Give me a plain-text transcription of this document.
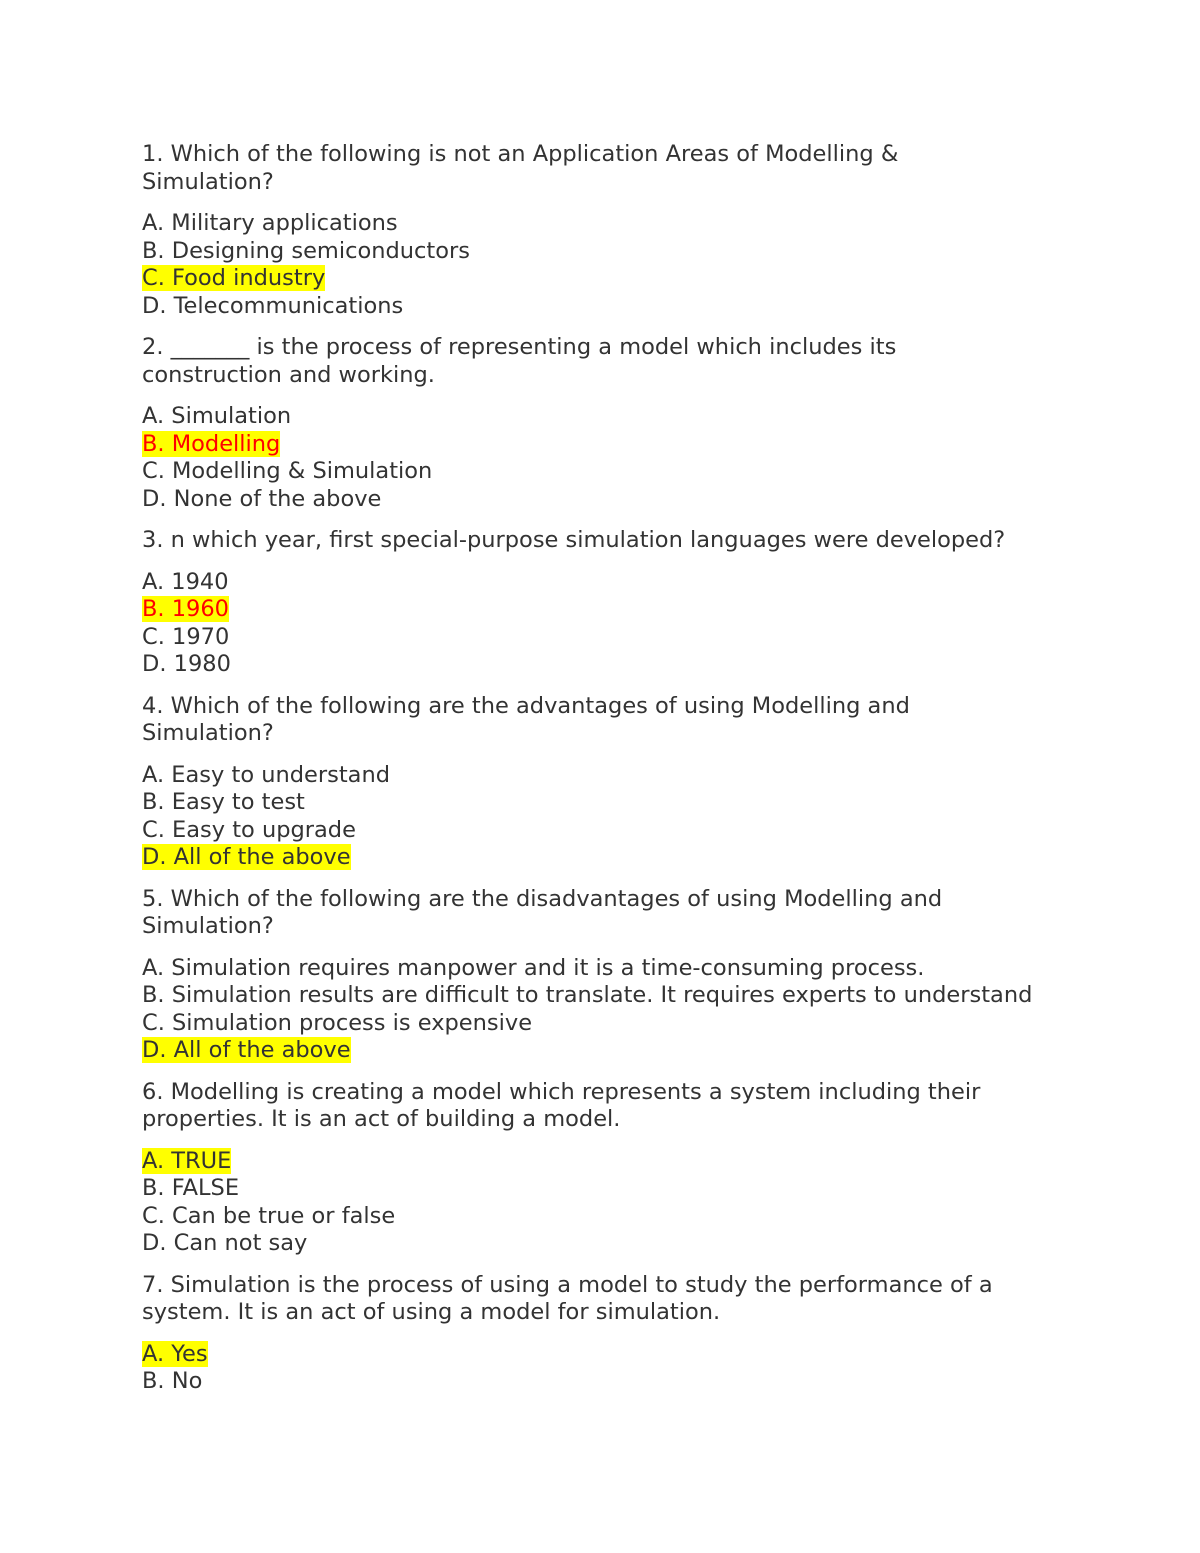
1. Which of the following is not an Application Areas of Modelling &
Simulation?
A. Military applications
B. Designing semiconductors
C. Food industry
D. Telecommunications
2. _______ is the process of representing a model which includes its
construction and working.
A. Simulation
B. Modelling
C. Modelling & Simulation
D. None of the above
3. n which year, first special-purpose simulation languages were developed?
A. 1940
B. 1960
C. 1970
D. 1980
4. Which of the following are the advantages of using Modelling and
Simulation?
A. Easy to understand
B. Easy to test
C. Easy to upgrade
D. All of the above
5. Which of the following are the disadvantages of using Modelling and
Simulation?
A. Simulation requires manpower and it is a time-consuming process.
B. Simulation results are difficult to translate. It requires experts to understand
C. Simulation process is expensive
D. All of the above
6. Modelling is creating a model which represents a system including their
properties. It is an act of building a model.
A. TRUE
B. FALSE
C. Can be true or false
D. Can not say
7. Simulation is the process of using a model to study the performance of a
system. It is an act of using a model for simulation.
A. Yes
B. No
